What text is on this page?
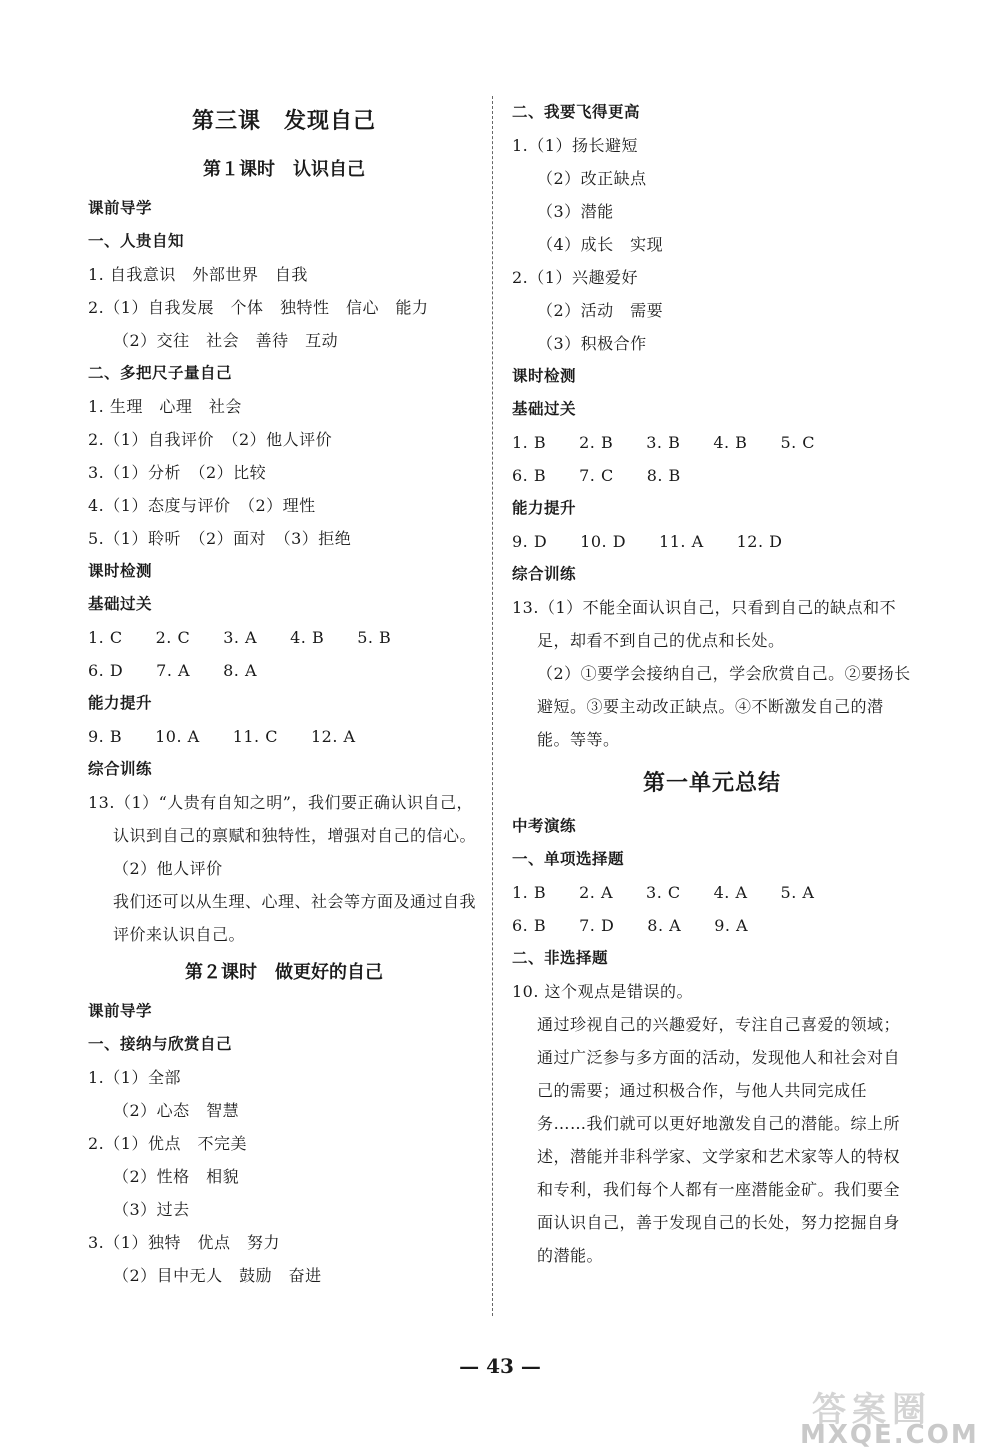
第三课　发现自己
第１课时　认识自己
课前导学
一、人贵自知
1. 自我意识　外部世界　自我
2.（1）自我发展　个体　独特性　信心　能力
（2）交往　社会　善待　互动
二、多把尺子量自己
1. 生理　心理　社会
2.（1）自我评价　（2）他人评价
3.（1）分析　（2）比较
4.（1）态度与评价　（2）理性
5.（1）聆听　（2）面对　（3）拒绝
课时检测
基础过关
1. C　　2. C　　3. A　　4. B　　5. B
6. D　　7. A　　8. A
能力提升
9. B　　10. A　　11. C　　12. A
综合训练
13.（1）“人贵有自知之明”，我们要正确认识自己，认识到自己的禀赋和独特性，增强对自己的信心。
（2）他人评价
我们还可以从生理、心理、社会等方面及通过自我评价来认识自己。
第２课时　做更好的自己
课前导学
一、接纳与欣赏自己
1.（1）全部
（2）心态　智慧
2.（1）优点　不完美
（2）性格　相貌
（3）过去
3.（1）独特　优点　努力
（2）目中无人　鼓励　奋进
二、我要飞得更高
1.（1）扬长避短
（2）改正缺点
（3）潜能
（4）成长　实现
2.（1）兴趣爱好
（2）活动　需要
（3）积极合作
课时检测
基础过关
1. B　　2. B　　3. B　　4. B　　5. C
6. B　　7. C　　8. B
能力提升
9. D　　10. D　　11. A　　12. D
综合训练
13.（1）不能全面认识自己，只看到自己的缺点和不足，却看不到自己的优点和长处。
（2）①要学会接纳自己，学会欣赏自己。②要扬长避短。③要主动改正缺点。④不断激发自己的潜能。等等。
第一单元总结
中考演练
一、单项选择题
1. B　　2. A　　3. C　　4. A　　5. A
6. B　　7. D　　8. A　　9. A
二、非选择题
10. 这个观点是错误的。
通过珍视自己的兴趣爱好，专注自己喜爱的领域；通过广泛参与多方面的活动，发现他人和社会对自己的需要；通过积极合作，与他人共同完成任务……我们就可以更好地激发自己的潜能。综上所述，潜能并非科学家、文学家和艺术家等人的特权和专利，我们每个人都有一座潜能金矿。我们要全面认识自己，善于发现自己的长处，努力挖掘自身的潜能。
— 43 —
答案圈
MXQE.COM
